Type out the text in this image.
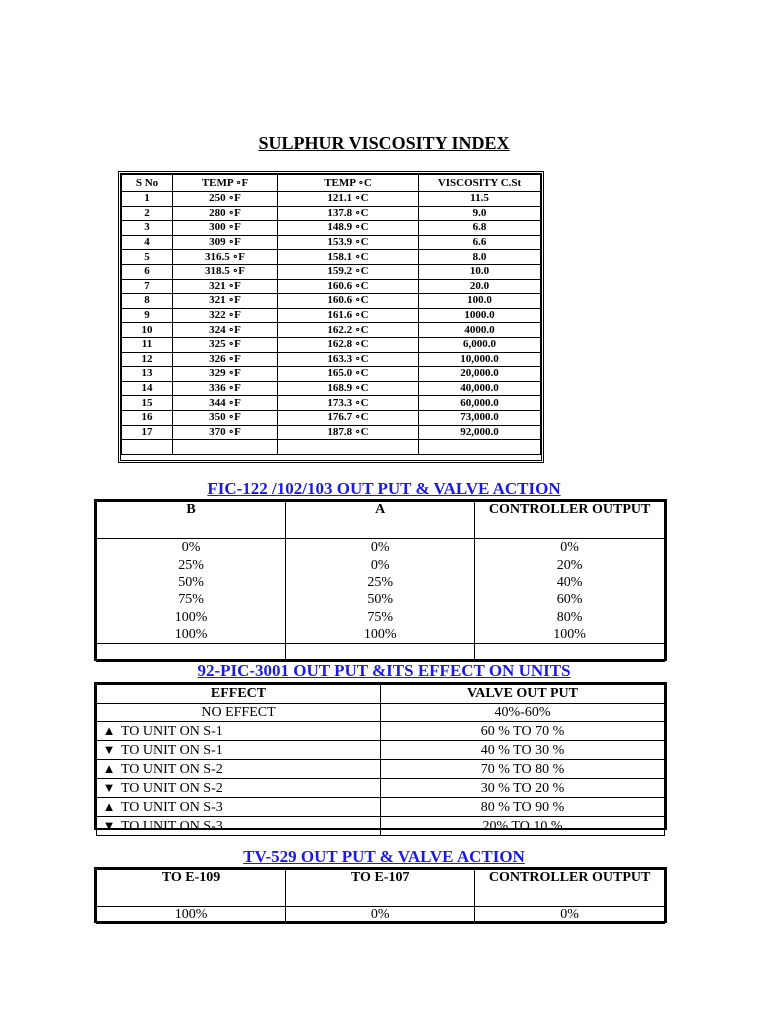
SULPHUR VISCOSITY INDEX
S No	TEMP ∘F	TEMP ∘C	VISCOSITY C.St
1	250 ∘F	121.1 ∘C	11.5
2	280 ∘F	137.8 ∘C	9.0
3	300 ∘F	148.9 ∘C	6.8
4	309 ∘F	153.9 ∘C	6.6
5	316.5 ∘F	158.1 ∘C	8.0
6	318.5 ∘F	159.2 ∘C	10.0
7	321 ∘F	160.6 ∘C	20.0
8	321 ∘F	160.6 ∘C	100.0
9	322 ∘F	161.6 ∘C	1000.0
10	324 ∘F	162.2 ∘C	4000.0
11	325 ∘F	162.8 ∘C	6,000.0
12	326 ∘F	163.3 ∘C	10,000.0
13	329 ∘F	165.0 ∘C	20,000.0
14	336 ∘F	168.9 ∘C	40,000.0
15	344 ∘F	173.3 ∘C	60,000.0
16	350 ∘F	176.7 ∘C	73,000.0
17	370 ∘F	187.8 ∘C	92,000.0

FIC-122 /102/103 OUT PUT & VALVE ACTION
B	A	CONTROLLER OUTPUT
0%	0%	0%
25%	0%	20%
50%	25%	40%
75%	50%	60%
100%	75%	80%
100%	100%	100%

92-PIC-3001 OUT PUT &ITS EFFECT ON UNITS
EFFECT	VALVE OUT PUT
NO EFFECT	40%-60%
▲ TO UNIT ON S-1	60 % TO 70 %
▼ TO UNIT ON S-1	40 % TO 30 %
▲ TO UNIT ON S-2	70 % TO 80 %
▼ TO UNIT ON S-2	30 % TO 20 %
▲ TO UNIT ON S-3	80 % TO 90 %
▼ TO UNIT ON S-3	20% TO 10 %
TV-529 OUT PUT & VALVE ACTION
TO E-109	TO E-107	CONTROLLER OUTPUT
100%	0%	0%
